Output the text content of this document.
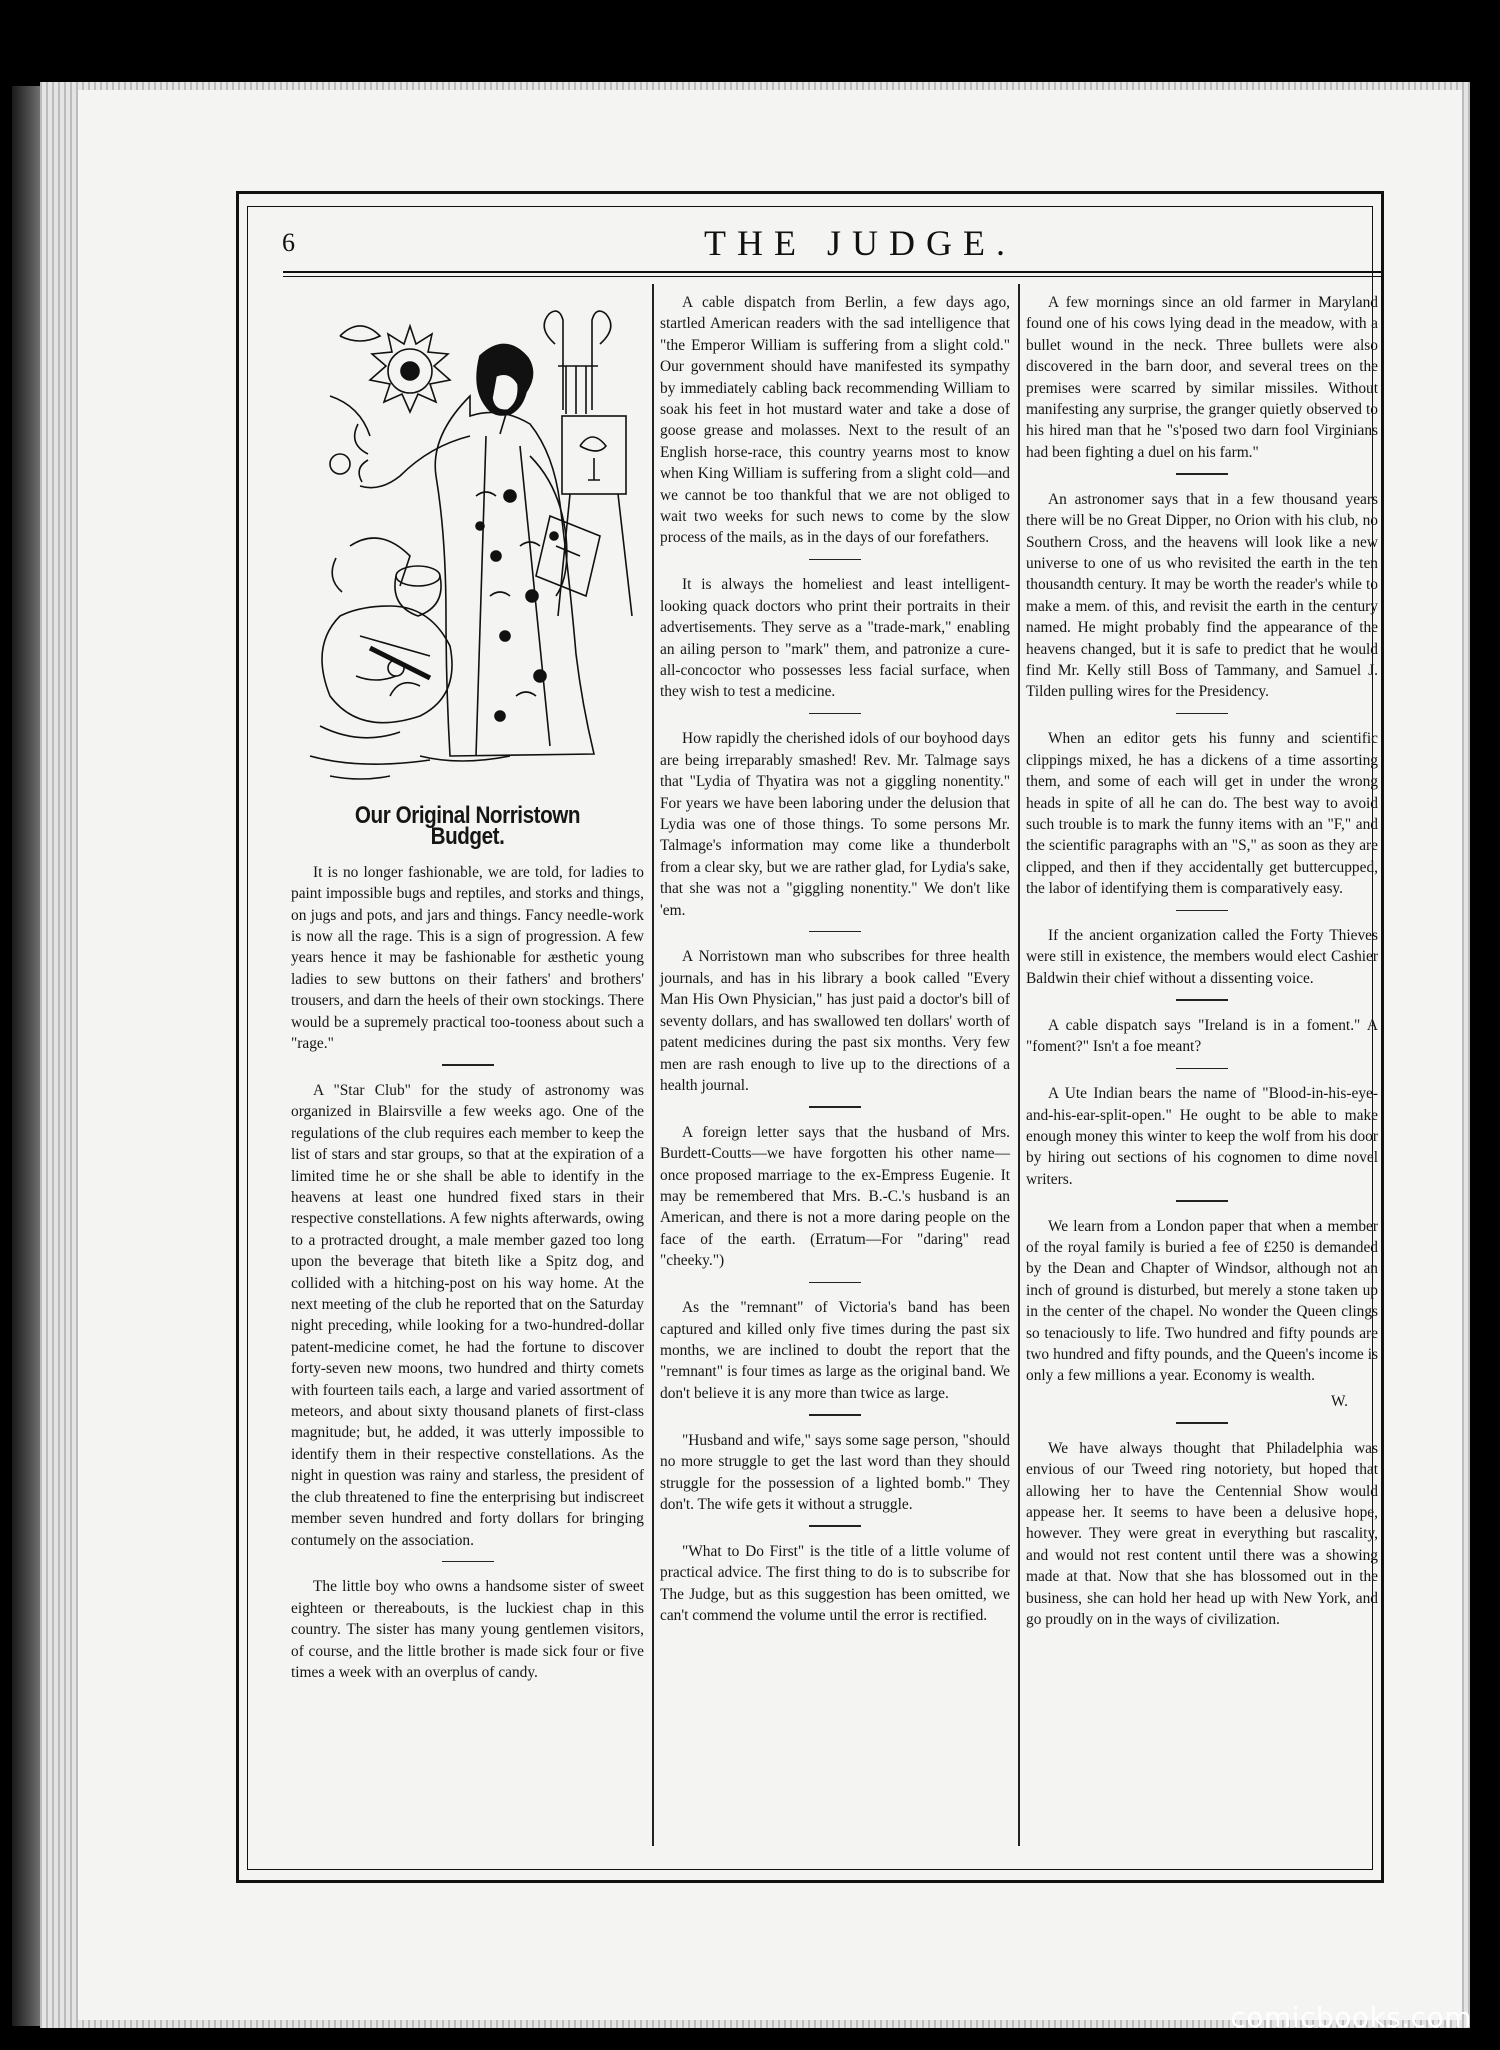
6	THE JUDGE.
Our Original Norristown Budget.

It is no longer fashionable, we are told, for ladies to paint impossible bugs and reptiles, and storks and things, on jugs and pots, and jars and things. Fancy needle-work is now all the rage. This is a sign of progression. A few years hence it may be fashionable for æsthetic young ladies to sew buttons on their fathers' and brothers' trousers, and darn the heels of their own stockings. There would be a supremely practical too-tooness about such a "rage."

A "Star Club" for the study of astronomy was organized in Blairsville a few weeks ago. One of the regulations of the club requires each member to keep the list of stars and star groups, so that at the expiration of a limited time he or she shall be able to identify in the heavens at least one hundred fixed stars in their respective constellations. A few nights afterwards, owing to a protracted drought, a male member gazed too long upon the beverage that biteth like a Spitz dog, and collided with a hitching-post on his way home. At the next meeting of the club he reported that on the Saturday night preceding, while looking for a two-hundred-dollar patent-medicine comet, he had the fortune to discover forty-seven new moons, two hundred and thirty comets with fourteen tails each, a large and varied assortment of meteors, and about sixty thousand planets of first-class magnitude; but, he added, it was utterly impossible to identify them in their respective constellations. As the night in question was rainy and starless, the president of the club threatened to fine the enterprising but indiscreet member seven hundred and forty dollars for bringing contumely on the association.

The little boy who owns a handsome sister of sweet eighteen or thereabouts, is the luckiest chap in this country. The sister has many young gentlemen visitors, of course, and the little brother is made sick four or five times a week with an overplus of candy.

A cable dispatch from Berlin, a few days ago, startled American readers with the sad intelligence that "the Emperor William is suffering from a slight cold." Our government should have manifested its sympathy by immediately cabling back recommending William to soak his feet in hot mustard water and take a dose of goose grease and molasses. Next to the result of an English horse-race, this country yearns most to know when King William is suffering from a slight cold—and we cannot be too thankful that we are not obliged to wait two weeks for such news to come by the slow process of the mails, as in the days of our forefathers.

It is always the homeliest and least intelligent-looking quack doctors who print their portraits in their advertisements. They serve as a "trade-mark," enabling an ailing person to "mark" them, and patronize a cure-all-concoctor who possesses less facial surface, when they wish to test a medicine.

How rapidly the cherished idols of our boyhood days are being irreparably smashed! Rev. Mr. Talmage says that "Lydia of Thyatira was not a giggling nonentity." For years we have been laboring under the delusion that Lydia was one of those things. To some persons Mr. Talmage's information may come like a thunderbolt from a clear sky, but we are rather glad, for Lydia's sake, that she was not a "giggling nonentity." We don't like 'em.

A Norristown man who subscribes for three health journals, and has in his library a book called "Every Man His Own Physician," has just paid a doctor's bill of seventy dollars, and has swallowed ten dollars' worth of patent medicines during the past six months. Very few men are rash enough to live up to the directions of a health journal.

A foreign letter says that the husband of Mrs. Burdett-Coutts—we have forgotten his other name—once proposed marriage to the ex-Empress Eugenie. It may be remembered that Mrs. B.-C.'s husband is an American, and there is not a more daring people on the face of the earth. (Erratum—For "daring" read "cheeky.")

As the "remnant" of Victoria's band has been captured and killed only five times during the past six months, we are inclined to doubt the report that the "remnant" is four times as large as the original band. We don't believe it is any more than twice as large.

"Husband and wife," says some sage person, "should no more struggle to get the last word than they should struggle for the possession of a lighted bomb." They don't. The wife gets it without a struggle.

"What to Do First" is the title of a little volume of practical advice. The first thing to do is to subscribe for The Judge, but as this suggestion has been omitted, we can't commend the volume until the error is rectified.

A few mornings since an old farmer in Maryland found one of his cows lying dead in the meadow, with a bullet wound in the neck. Three bullets were also discovered in the barn door, and several trees on the premises were scarred by similar missiles. Without manifesting any surprise, the granger quietly observed to his hired man that he "s'posed two darn fool Virginians had been fighting a duel on his farm."

An astronomer says that in a few thousand years there will be no Great Dipper, no Orion with his club, no Southern Cross, and the heavens will look like a new universe to one of us who revisited the earth in the ten thousandth century. It may be worth the reader's while to make a mem. of this, and revisit the earth in the century named. He might probably find the appearance of the heavens changed, but it is safe to predict that he would find Mr. Kelly still Boss of Tammany, and Samuel J. Tilden pulling wires for the Presidency.

When an editor gets his funny and scientific clippings mixed, he has a dickens of a time assorting them, and some of each will get in under the wrong heads in spite of all he can do. The best way to avoid such trouble is to mark the funny items with an "F," and the scientific paragraphs with an "S," as soon as they are clipped, and then if they accidentally get buttercupped, the labor of identifying them is comparatively easy.

If the ancient organization called the Forty Thieves were still in existence, the members would elect Cashier Baldwin their chief without a dissenting voice.

A cable dispatch says "Ireland is in a foment." A "foment?" Isn't a foe meant?

A Ute Indian bears the name of "Blood-in-his-eye-and-his-ear-split-open." He ought to be able to make enough money this winter to keep the wolf from his door by hiring out sections of his cognomen to dime novel writers.

We learn from a London paper that when a member of the royal family is buried a fee of £250 is demanded by the Dean and Chapter of Windsor, although not an inch of ground is disturbed, but merely a stone taken up in the center of the chapel. No wonder the Queen clings so tenaciously to life. Two hundred and fifty pounds are two hundred and fifty pounds, and the Queen's income is only a few millions a year. Economy is wealth.

W.

We have always thought that Philadelphia was envious of our Tweed ring notoriety, but hoped that allowing her to have the Centennial Show would appease her. It seems to have been a delusive hope, however. They were great in everything but rascality, and would not rest content until there was a showing made at that. Now that she has blossomed out in the business, she can hold her head up with New York, and go proudly on in the ways of civilization.

comicbooks.com
